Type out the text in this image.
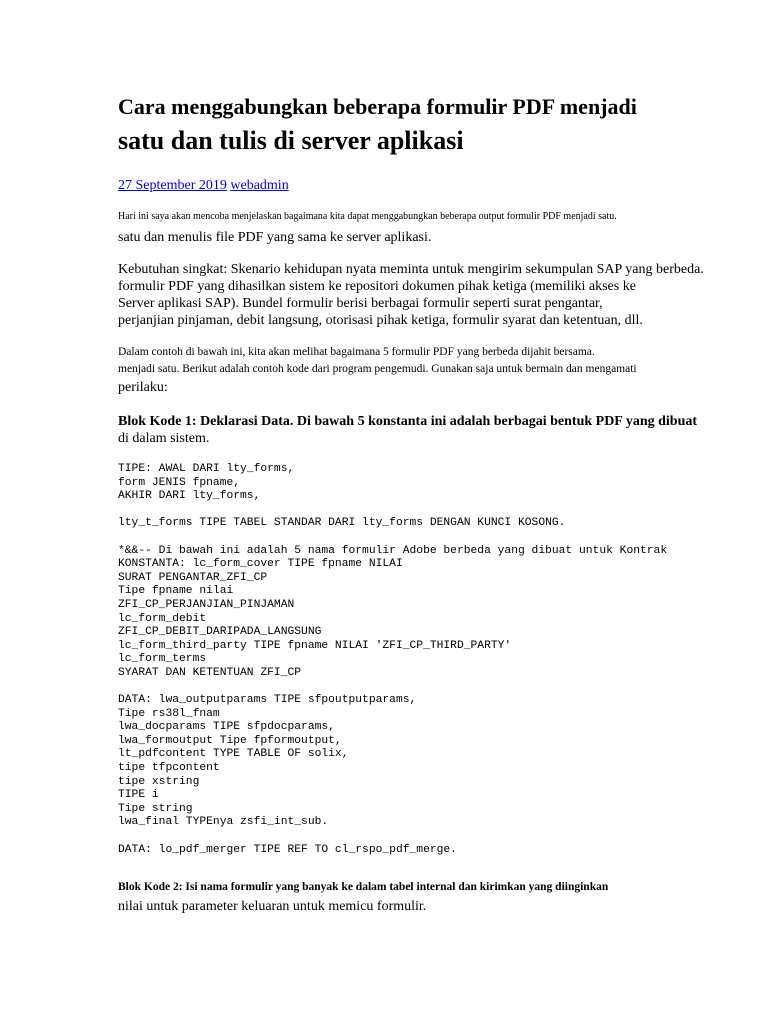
Cara menggabungkan beberapa formulir PDF menjadi
satu dan tulis di server aplikasi
27 September 2019 webadmin
Hari ini saya akan mencoba menjelaskan bagaimana kita dapat menggabungkan beberapa output formulir PDF menjadi satu.
satu dan menulis file PDF yang sama ke server aplikasi.
Kebutuhan singkat: Skenario kehidupan nyata meminta untuk mengirim sekumpulan SAP yang berbeda.
formulir PDF yang dihasilkan sistem ke repositori dokumen pihak ketiga (memiliki akses ke
Server aplikasi SAP). Bundel formulir berisi berbagai formulir seperti surat pengantar,
perjanjian pinjaman, debit langsung, otorisasi pihak ketiga, formulir syarat dan ketentuan, dll.
Dalam contoh di bawah ini, kita akan melihat bagaimana 5 formulir PDF yang berbeda dijahit bersama.
menjadi satu. Berikut adalah contoh kode dari program pengemudi. Gunakan saja untuk bermain dan mengamati
perilaku:
Blok Kode 1: Deklarasi Data. Di bawah 5 konstanta ini adalah berbagai bentuk PDF yang dibuat
di dalam sistem.
TIPE: AWAL DARI lty_forms,
form JENIS fpname,
AKHIR DARI lty_forms,

lty_t_forms TIPE TABEL STANDAR DARI lty_forms DENGAN KUNCI KOSONG.

*&&-- Di bawah ini adalah 5 nama formulir Adobe berbeda yang dibuat untuk Kontrak
KONSTANTA: lc_form_cover TIPE fpname NILAI
SURAT PENGANTAR_ZFI_CP
Tipe fpname nilai
ZFI_CP_PERJANJIAN_PINJAMAN
lc_form_debit
ZFI_CP_DEBIT_DARIPADA_LANGSUNG
lc_form_third_party TIPE fpname NILAI 'ZFI_CP_THIRD_PARTY'
lc_form_terms
SYARAT DAN KETENTUAN ZFI_CP

DATA: lwa_outputparams TIPE sfpoutputparams,
Tipe rs38l_fnam
lwa_docparams TIPE sfpdocparams,
lwa_formoutput Tipe fpformoutput,
lt_pdfcontent TYPE TABLE OF solix,
tipe tfpcontent
tipe xstring
TIPE i
Tipe string
lwa_final TYPEnya zsfi_int_sub.

DATA: lo_pdf_merger TIPE REF TO cl_rspo_pdf_merge.
Blok Kode 2: Isi nama formulir yang banyak ke dalam tabel internal dan kirimkan yang diinginkan
nilai untuk parameter keluaran untuk memicu formulir.
